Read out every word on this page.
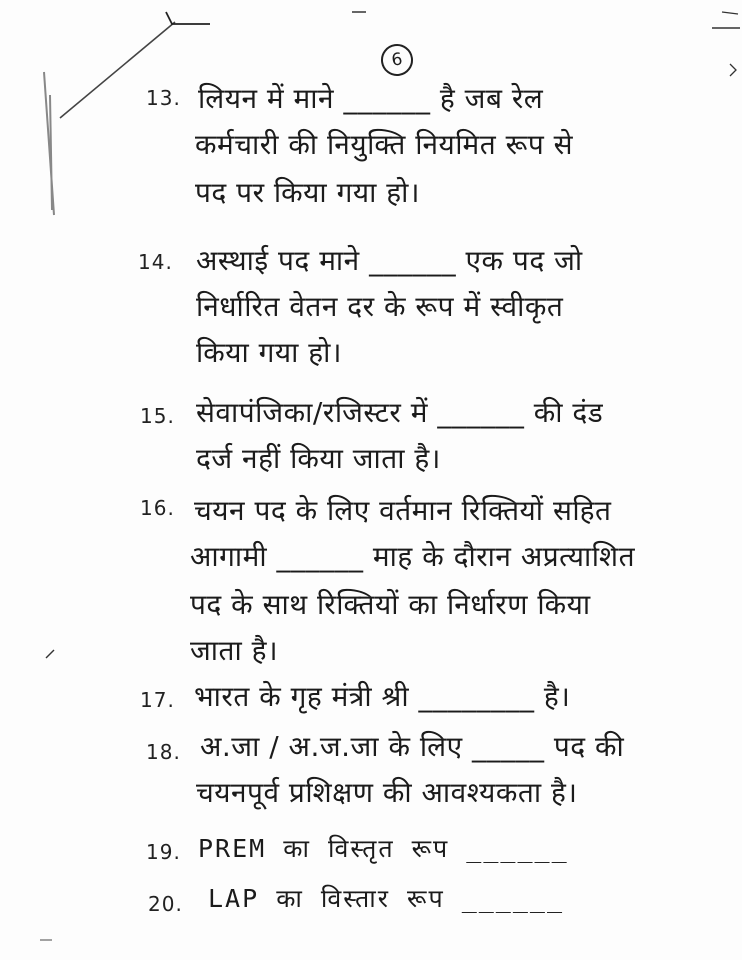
6
13. लियन में माने ______ है जब रेल
कर्मचारी की नियुक्ति नियमित रूप से
पद पर किया गया हो।
14. अस्थाई पद माने ______ एक पद जो
निर्धारित वेतन दर के रूप में स्वीकृत
किया गया हो।
15. सेवापंजिका/रजिस्टर में ______ की दंड
दर्ज नहीं किया जाता है।
16. चयन पद के लिए वर्तमान रिक्तियों सहित
आगामी ______ माह के दौरान अप्रत्याशित
पद के साथ रिक्तियों का निर्धारण किया
जाता है।
17. भारत के गृह मंत्री श्री ________ है।
18. अ.जा / अ.ज.जा के लिए _____ पद की
चयनपूर्व प्रशिक्षण की आवश्यकता है।
19. PREM का विस्तृत रूप ______
20. LAP का विस्तार रूप ______
